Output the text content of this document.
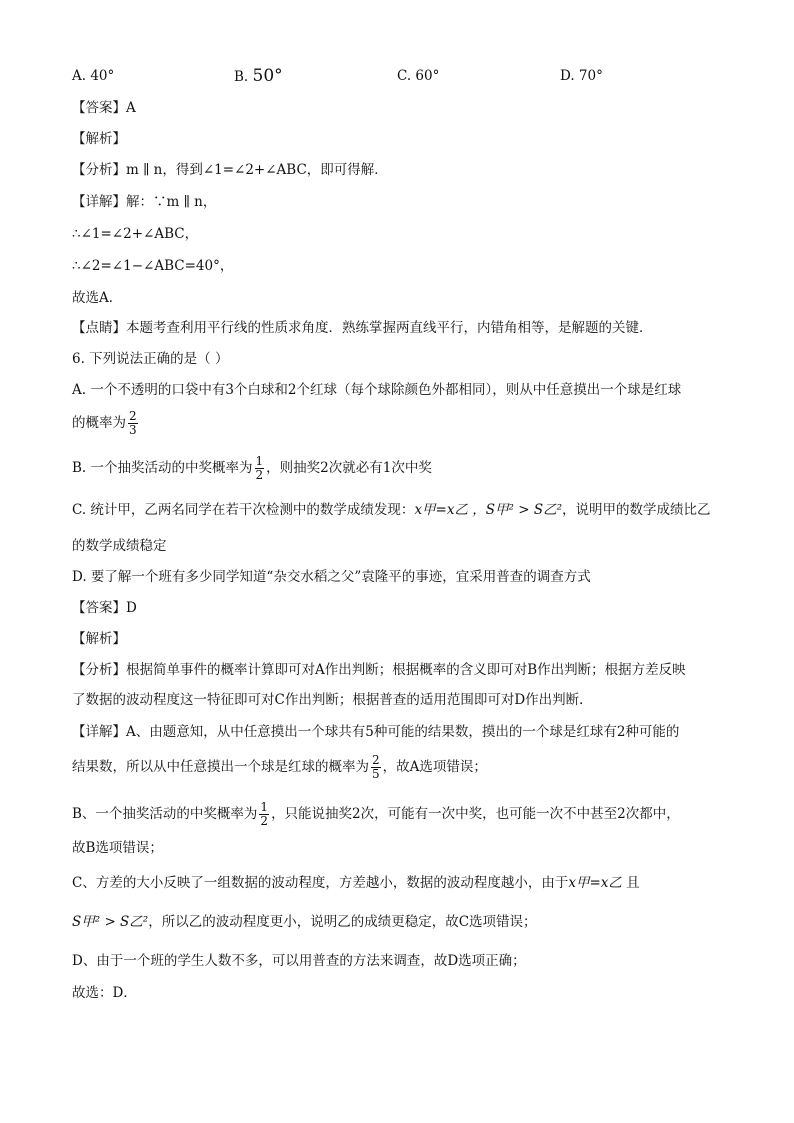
A. 40°	B. 50°	C. 60°	D. 70°
【答案】A
【解析】
【分析】m ∥ n，得到∠1=∠2+∠ABC，即可得解．
【详解】解：∵m ∥ n，
∴∠1=∠2+∠ABC，
∴∠2=∠1−∠ABC=40°，
故选A．
【点睛】本题考查利用平行线的性质求角度．熟练掌握两直线平行，内错角相等，是解题的关键．
6. 下列说法正确的是（ ）
A. 一个不透明的口袋中有3个白球和2个红球（每个球除颜色外都相同），则从中任意摸出一个球是红球
的概率为 $\frac{2}{3}$
B. 一个抽奖活动的中奖概率为 $\frac{1}{2}$ ，则抽奖2次就必有1次中奖
C. 统计甲，乙两名同学在若干次检测中的数学成绩发现：x甲=x乙 ，S甲² > S乙²，说明甲的数学成绩比乙
的数学成绩稳定
D. 要了解一个班有多少同学知道“杂交水稻之父”袁隆平的事迹，宜采用普查的调查方式
【答案】D
【解析】
【分析】根据简单事件的概率计算即可对A作出判断；根据概率的含义即可对B作出判断；根据方差反映
了数据的波动程度这一特征即可对C作出判断；根据普查的适用范围即可对D作出判断．
【详解】A、由题意知，从中任意摸出一个球共有5种可能的结果数，摸出的一个球是红球有2种可能的
结果数，所以从中任意摸出一个球是红球的概率为 $\frac{2}{5}$ ，故A选项错误；
B、一个抽奖活动的中奖概率为 $\frac{1}{2}$ ，只能说抽奖2次，可能有一次中奖，也可能一次不中甚至2次都中，
故B选项错误；
C、方差的大小反映了一组数据的波动程度，方差越小，数据的波动程度越小，由于x甲=x乙 且
S甲² > S乙²，所以乙的波动程度更小，说明乙的成绩更稳定，故C选项错误；
D、由于一个班的学生人数不多，可以用普查的方法来调查，故D选项正确；
故选：D．
